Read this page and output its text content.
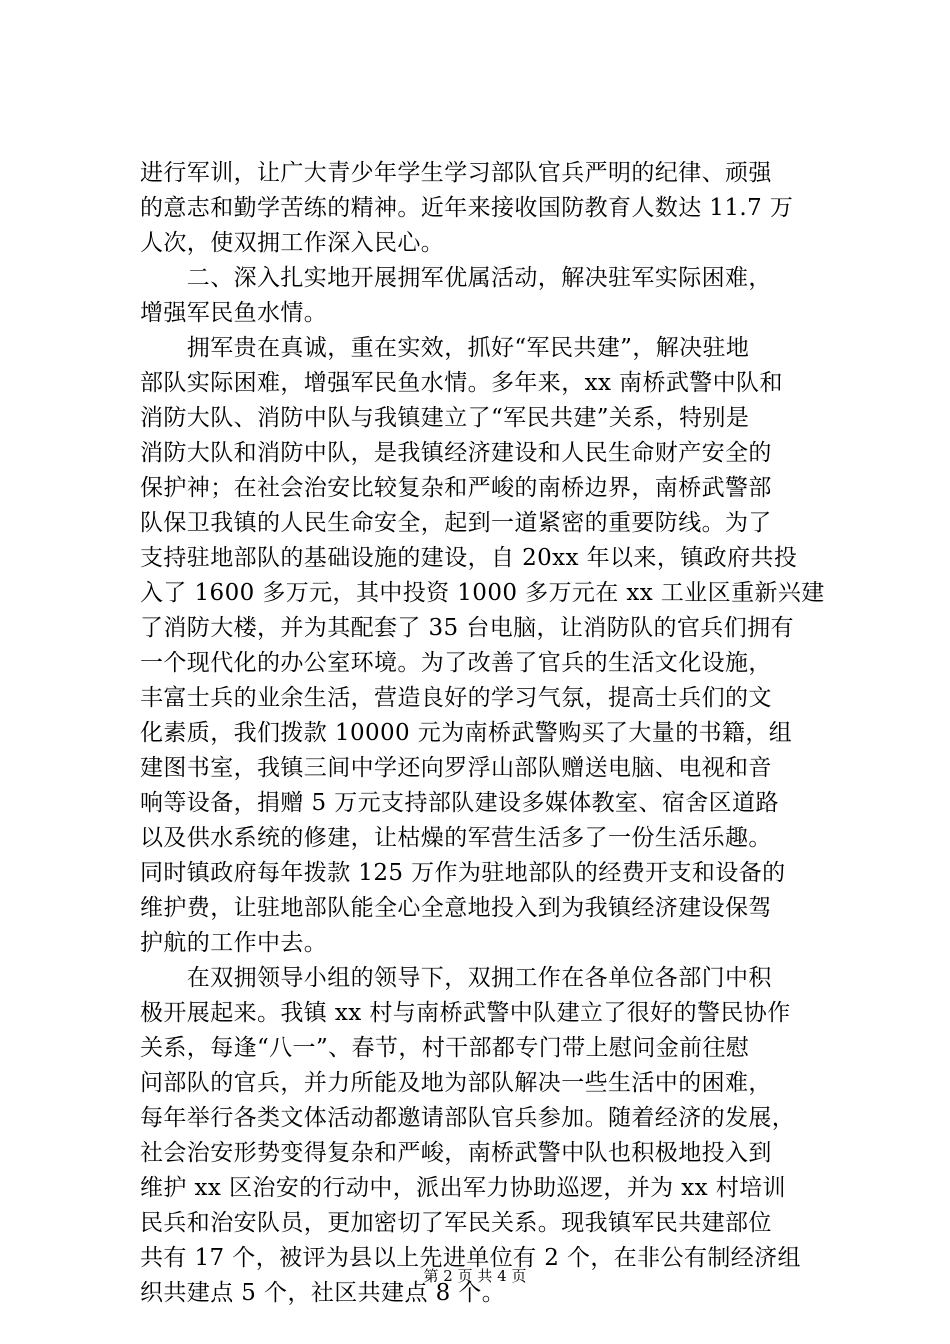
进行军训，让广大青少年学生学习部队官兵严明的纪律、顽强
的意志和勤学苦练的精神。近年来接收国防教育人数达 11.7 万
人次，使双拥工作深入民心。
　　二、深入扎实地开展拥军优属活动，解决驻军实际困难，
增强军民鱼水情。
　　拥军贵在真诚，重在实效，抓好“军民共建”，解决驻地
部队实际困难，增强军民鱼水情。多年来，xx 南桥武警中队和
消防大队、消防中队与我镇建立了“军民共建”关系，特别是
消防大队和消防中队，是我镇经济建设和人民生命财产安全的
保护神；在社会治安比较复杂和严峻的南桥边界，南桥武警部
队保卫我镇的人民生命安全，起到一道紧密的重要防线。为了
支持驻地部队的基础设施的建设，自 20xx 年以来，镇政府共投
入了 1600 多万元，其中投资 1000 多万元在 xx 工业区重新兴建
了消防大楼，并为其配套了 35 台电脑，让消防队的官兵们拥有
一个现代化的办公室环境。为了改善了官兵的生活文化设施，
丰富士兵的业余生活，营造良好的学习气氛，提高士兵们的文
化素质，我们拨款 10000 元为南桥武警购买了大量的书籍，组
建图书室，我镇三间中学还向罗浮山部队赠送电脑、电视和音
响等设备，捐赠 5 万元支持部队建设多媒体教室、宿舍区道路
以及供水系统的修建，让枯燥的军营生活多了一份生活乐趣。
同时镇政府每年拨款 125 万作为驻地部队的经费开支和设备的
维护费，让驻地部队能全心全意地投入到为我镇经济建设保驾
护航的工作中去。
　　在双拥领导小组的领导下，双拥工作在各单位各部门中积
极开展起来。我镇 xx 村与南桥武警中队建立了很好的警民协作
关系，每逢“八一”、春节，村干部都专门带上慰问金前往慰
问部队的官兵，并力所能及地为部队解决一些生活中的困难，
每年举行各类文体活动都邀请部队官兵参加。随着经济的发展，
社会治安形势变得复杂和严峻，南桥武警中队也积极地投入到
维护 xx 区治安的行动中，派出军力协助巡逻，并为 xx 村培训
民兵和治安队员，更加密切了军民关系。现我镇军民共建部位
共有 17 个，被评为县以上先进单位有 2 个，在非公有制经济组
织共建点 5 个，社区共建点 8 个。
第 2 页 共 4 页
